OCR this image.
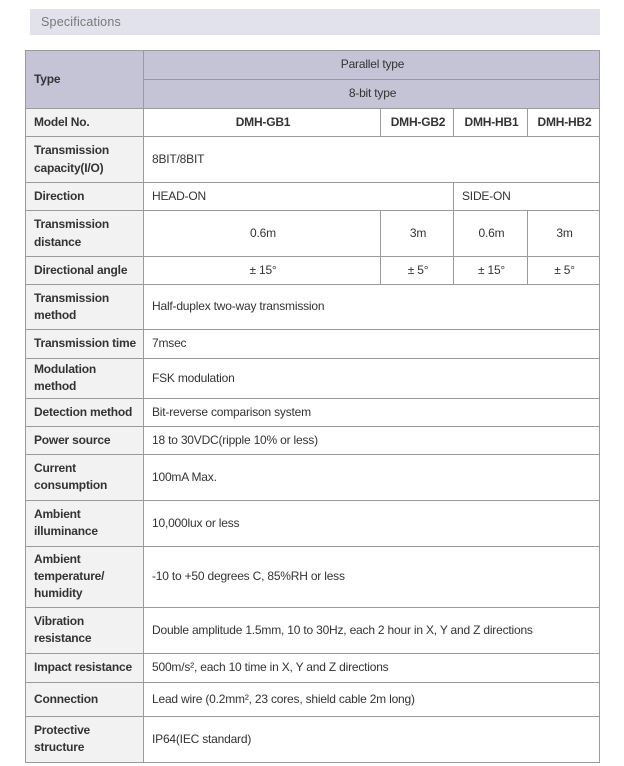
Specifications
Type	Parallel type			
	8-bit type			
Model No.	DMH-GB1	DMH-GB2	DMH-HB1	DMH-HB2
Transmission capacity(I/O)	8BIT/8BIT			
Direction	HEAD-ON		SIDE-ON	
Transmission distance	0.6m	3m	0.6m	3m
Directional angle	± 15°	± 5°	± 15°	± 5°
Transmission method	Half-duplex two-way transmission			
Transmission time	7msec			
Modulation method	FSK modulation			
Detection method	Bit-reverse comparison system			
Power source	18 to 30VDC(ripple 10% or less)			
Current consumption	100mA Max.			
Ambient illuminance	10,000lux or less			
Ambient temperature/ humidity	-10 to +50 degrees C, 85%RH or less			
Vibration resistance	Double amplitude 1.5mm, 10 to 30Hz, each 2 hour in X, Y and Z directions			
Impact resistance	500m/s², each 10 time in X, Y and Z directions			
Connection	Lead wire (0.2mm², 23 cores, shield cable 2m long)			
Protective structure	IP64(IEC standard)			
